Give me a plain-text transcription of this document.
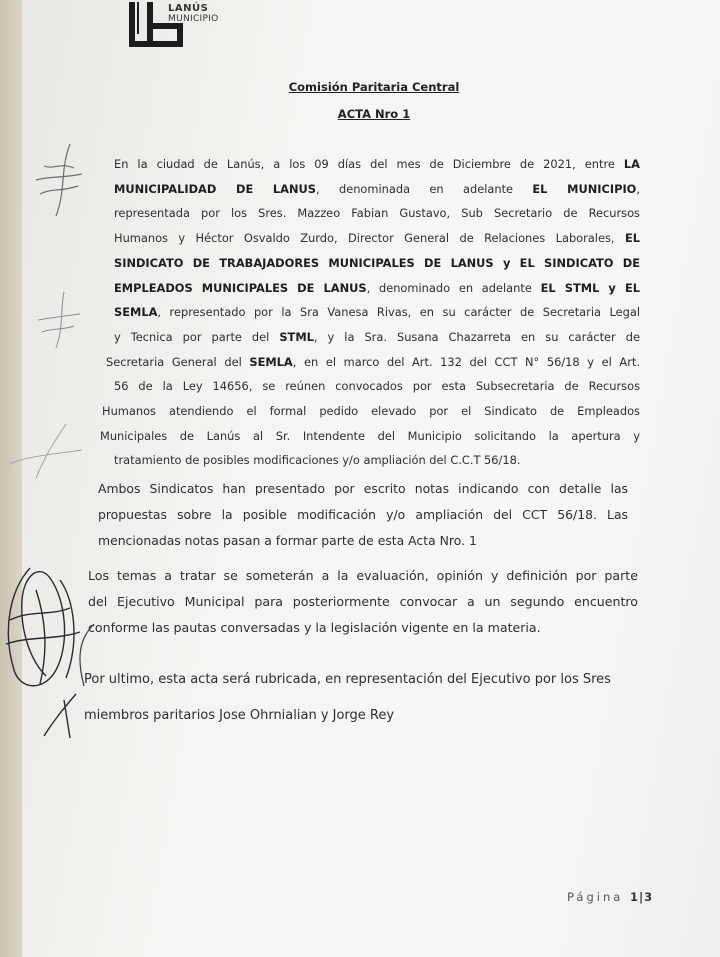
LANÚS
MUNICIPIO
Comisión Paritaria Central
ACTA Nro 1
En la ciudad de Lanús, a los 09 días del mes de Diciembre de 2021, entre LA
MUNICIPALIDAD DE LANUS, denominada en adelante EL MUNICIPIO,
representada por los Sres. Mazzeo Fabian Gustavo, Sub Secretario de Recursos
Humanos y Héctor Osvaldo Zurdo, Director General de Relaciones Laborales, EL
SINDICATO DE TRABAJADORES MUNICIPALES DE LANUS y EL SINDICATO DE
EMPLEADOS MUNICIPALES DE LANUS, denominado en adelante EL STML y EL
SEMLA, representado por la Sra Vanesa Rivas, en su carácter de Secretaria Legal
y Tecnica por parte del STML, y la Sra. Susana Chazarreta en su carácter de
Secretaria General del SEMLA, en el marco del Art. 132 del CCT N° 56/18 y el Art.
56 de la Ley 14656, se reúnen convocados por esta Subsecretaria de Recursos
Humanos atendiendo el formal pedido elevado por el Sindicato de Empleados
Municipales de Lanús al Sr. Intendente del Municipio solicitando la apertura y
tratamiento de posibles modificaciones y/o ampliación del C.C.T 56/18.
Ambos Sindicatos han presentado por escrito notas indicando con detalle las
propuestas sobre la posible modificación y/o ampliación del CCT 56/18. Las
mencionadas notas pasan a formar parte de esta Acta Nro. 1
Los temas a tratar se someterán a la evaluación, opinión y definición por parte
del Ejecutivo Municipal para posteriormente convocar a un segundo encuentro
conforme las pautas conversadas y la legislación vigente en la materia.
Por ultimo, esta acta será rubricada, en representación del Ejecutivo por los Sres
miembros paritarios Jose Ohrnialian y Jorge Rey
Página 1|3
